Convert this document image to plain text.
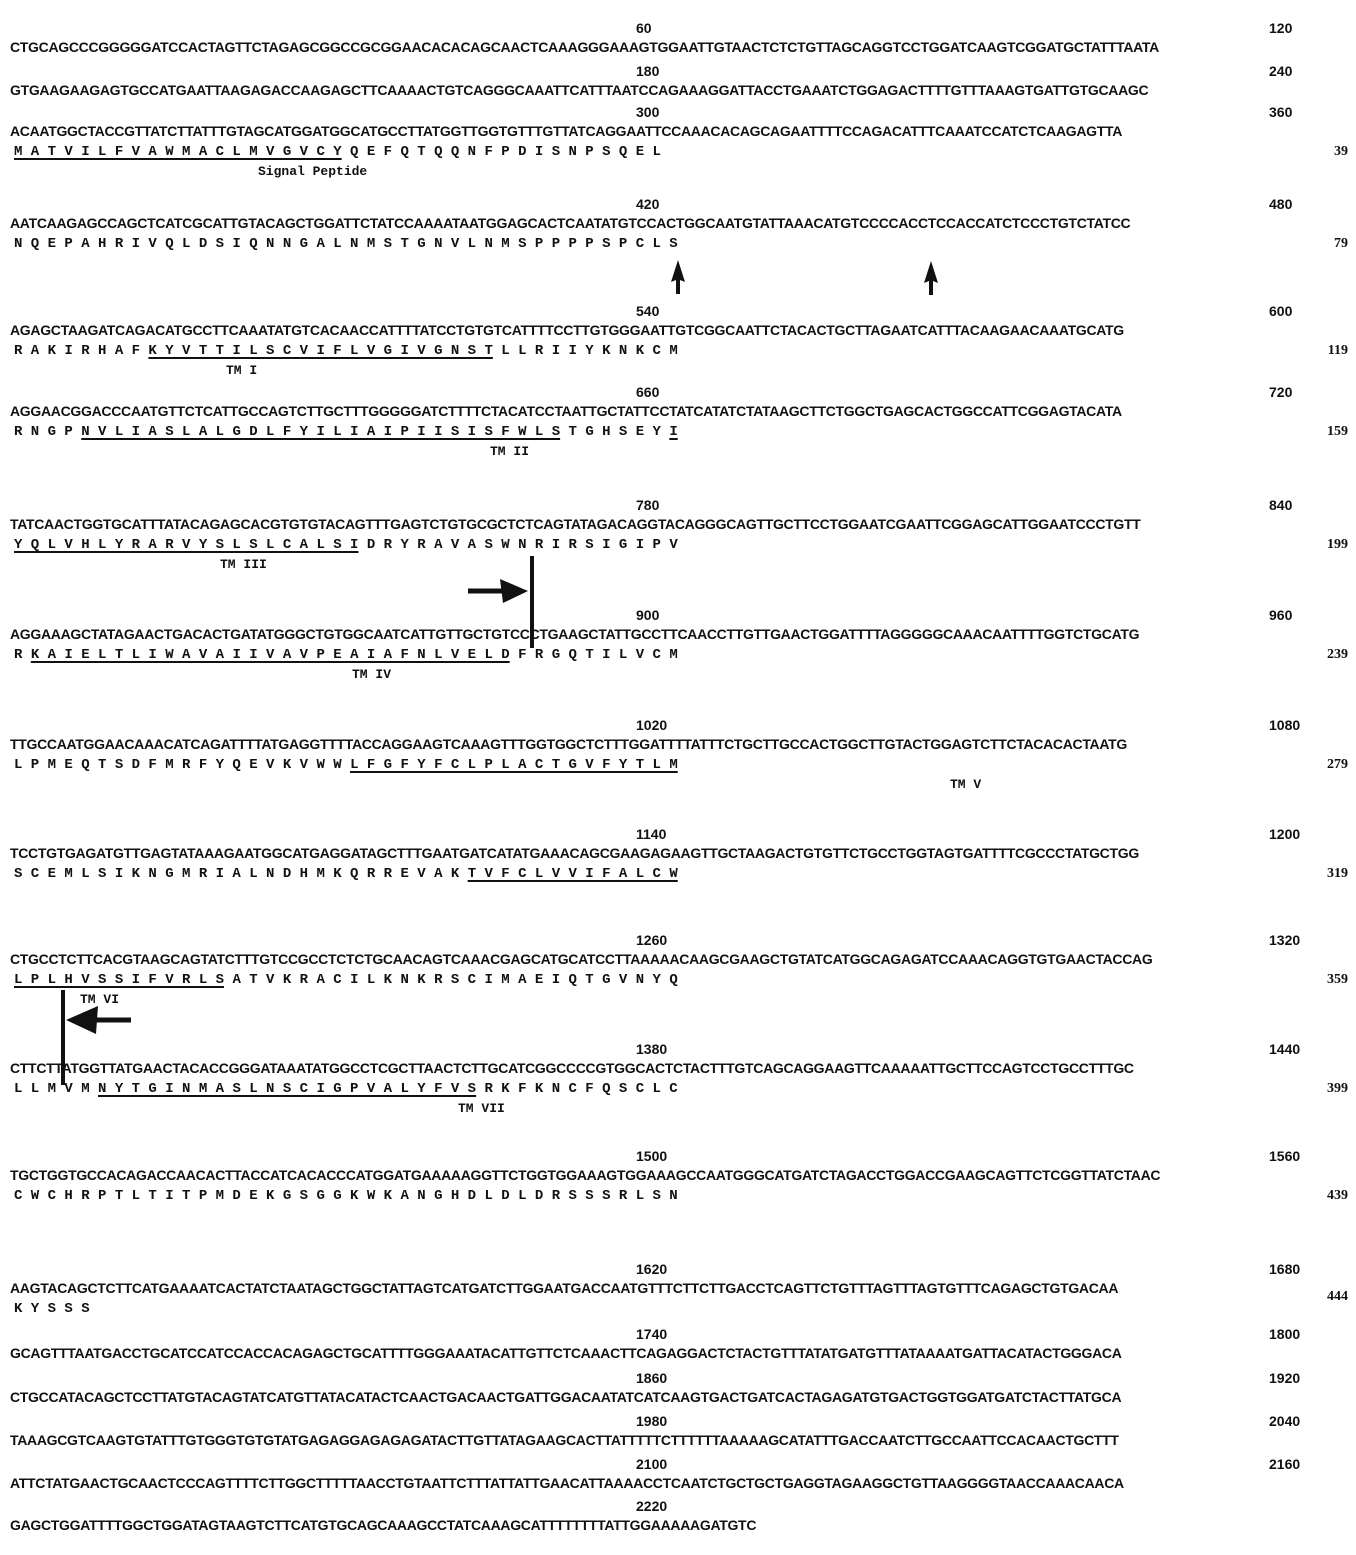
60	120
CTGCAGCCCGGGGGATCCACTAGTTCTAGAGCGGCCGCGGAACACACAGCAACTCAAAGGGAAAGTGGAATTGTAACTCTCTGTTAGCAGGTCCTGGATCAAGTCGGATGCTATTTAATA
180	240
GTGAAGAAGAGTGCCATGAATTAAGAGACCAAGAGCTTCAAAACTGTCAGGGCAAATTCATTTAATCCAGAAAGGATTACCTGAAATCTGGAGACTTTTGTTTAAAGTGATTGTGCAAGC
300	360
ACAATGGCTACCGTTATCTTATTTGTAGCATGGATGGCATGCCTTATGGTTGGTGTTTGTTATCAGGAATTCCAAACACAGCAGAATTTTCCAGACATTTCAAATCCATCTCAAGAGTTA
M A T V I L F V A W M A C L M V G V C Y Q E F Q T Q Q N F P D I S N P S Q E L	39
Signal Peptide
420	480
AATCAAGAGCCAGCTCATCGCATTGTACAGCTGGATTCTATCCAAAATAATGGAGCACTCAATATGTCCACTGGCAATGTATTAAACATGTCCCCACCTCCACCATCTCCCTGTCTATCC
N Q E P A H R I V Q L D S I Q N N G A L N M S T G N V L N M S P P P P S P C L S	79
540	600
AGAGCTAAGATCAGACATGCCTTCAAATATGTCACAACCATTTTATCCTGTGTCATTTTCCTTGTGGGAATTGTCGGCAATTCTACACTGCTTAGAATCATTTACAAGAACAAATGCATG
R A K I R H A F K Y V T T I L S C V I F L V G I V G N S T L L R I I Y K N K C M	119
TM I
660	720
AGGAACGGACCCAATGTTCTCATTGCCAGTCTTGCTTTGGGGGATCTTTTCTACATCCTAATTGCTATTCCTATCATATCTATAAGCTTCTGGCTGAGCACTGGCCATTCGGAGTACATA
R N G P N V L I A S L A L G D L F Y I L I A I P I I S I S F W L S T G H S E Y I	159
TM II
780	840
TATCAACTGGTGCATTTATACAGAGCACGTGTGTACAGTTTGAGTCTGTGCGCTCTCAGTATAGACAGGTACAGGGCAGTTGCTTCCTGGAATCGAATTCGGAGCATTGGAATCCCTGTT
Y Q L V H L Y R A R V Y S L S L C A L S I D R Y R A V A S W N R I R S I G I P V	199
TM III
900	960
AGGAAAGCTATAGAACTGACACTGATATGGGCTGTGGCAATCATTGTTGCTGTCCCTGAAGCTATTGCCTTCAACCTTGTTGAACTGGATTTTAGGGGGCAAACAATTTTGGTCTGCATG
R K A I E L T L I W A V A I I V A V P E A I A F N L V E L D F R G Q T I L V C M	239
TM IV
1020	1080
TTGCCAATGGAACAAACATCAGATTTTATGAGGTTTTACCAGGAAGTCAAAGTTTGGTGGCTCTTTGGATTTTATTTCTGCTTGCCACTGGCTTGTACTGGAGTCTTCTACACACTAATG
L P M E Q T S D F M R F Y Q E V K V W W L F G F Y F C L P L A C T G V F Y T L M	279
TM V
1140	1200
TCCTGTGAGATGTTGAGTATAAAGAATGGCATGAGGATAGCTTTGAATGATCATATGAAACAGCGAAGAGAAGTTGCTAAGACTGTGTTCTGCCTGGTAGTGATTTTCGCCCTATGCTGG
S C E M L S I K N G M R I A L N D H M K Q R R E V A K T V F C L V V I F A L C W	319
1260	1320
CTGCCTCTTCACGTAAGCAGTATCTTTGTCCGCCTCTCTGCAACAGTCAAACGAGCATGCATCCTTAAAAACAAGCGAAGCTGTATCATGGCAGAGATCCAAACAGGTGTGAACTACCAG
L P L H V S S I F V R L S A T V K R A C I L K N K R S C I M A E I Q T G V N Y Q	359
TM VI
1380	1440
CTTCTTATGGTTATGAACTACACCGGGATAAATATGGCCTCGCTTAACTCTTGCATCGGCCCCGTGGCACTCTACTTTGTCAGCAGGAAGTTCAAAAATTGCTTCCAGTCCTGCCTTTGC
L L M V M N Y T G I N M A S L N S C I G P V A L Y F V S R K F K N C F Q S C L C	399
TM VII
1500	1560
TGCTGGTGCCACAGACCAACACTTACCATCACACCCATGGATGAAAAAGGTTCTGGTGGAAAGTGGAAAGCCAATGGGCATGATCTAGACCTGGACCGAAGCAGTTCTCGGTTATCTAAC
C W C H R P T L T I T P M D E K G S G G K W K A N G H D L D L D R S S S R L S N	439
1620	1680
AAGTACAGCTCTTCATGAAAATCACTATCTAATAGCTGGCTATTAGTCATGATCTTGGAATGACCAATGTTTCTTCTTGACCTCAGTTCTGTTTAGTTTAGTGTTTCAGAGCTGTGACAA
K Y S S S
444
1740	1800
GCAGTTTAATGACCTGCATCCATCCACCACAGAGCTGCATTTTGGGAAATACATTGTTCTCAAACTTCAGAGGACTCTACTGTTTATATGATGTTTATAAAATGATTACATACTGGGACA
1860	1920
CTGCCATACAGCTCCTTATGTACAGTATCATGTTATACATACTCAACTGACAACTGATTGGACAATATCATCAAGTGACTGATCACTAGAGATGTGACTGGTGGATGATCTACTTATGCA
1980	2040
TAAAGCGTCAAGTGTATTTGTGGGTGTGTATGAGAGGAGAGAGATACTTGTTATAGAAGCACTTATTTTTCTTTTTTAAAAAGCATATTTGACCAATCTTGCCAATTCCACAACTGCTTT
2100	2160
ATTCTATGAACTGCAACTCCCAGTTTTCTTGGCTTTTTAACCTGTAATTCTTTATTATTGAACATTAAAACCTCAATCTGCTGCTGAGGTAGAAGGCTGTTAAGGGGTAACCAAACAACA
2220
GAGCTGGATTTTGGCTGGATAGTAAGTCTTCATGTGCAGCAAAGCCTATCAAAGCATTTTTTTTATTGGAAAAAGATGTC
